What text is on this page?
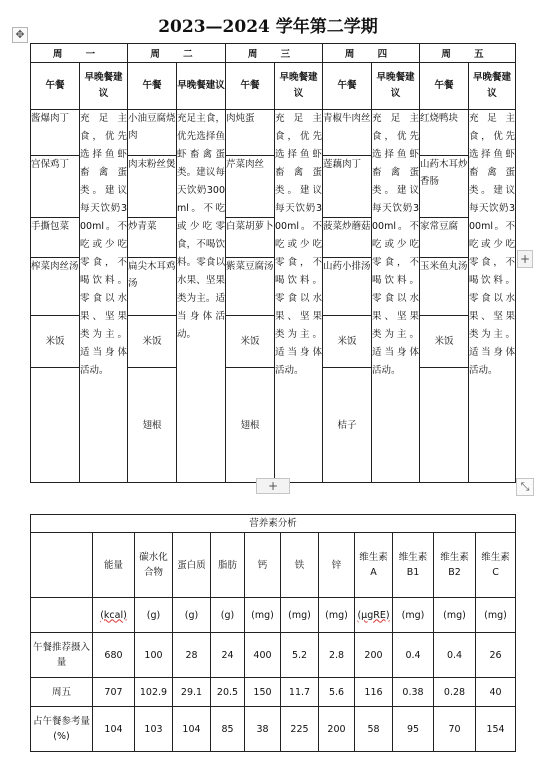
2023—2024 学年第二学期
✥
周 一		周 二		周 三		周 四		周 五	
午餐	早晚餐建议	午餐	早晚餐建议	午餐	早晚餐建议	午餐	早晚餐建议	午餐	早晚餐建议
酱爆肉丁	充足主食，优先选择鱼虾畜禽蛋类。建议每天饮奶300ml。不吃或少吃零食，不喝饮料。零食以水果、坚果类为主。适当身体活动。	小油豆腐烧肉	充足主食，优先选择鱼虾畜禽蛋类。建议每天饮奶300ml。不吃或少吃零食，不喝饮料。零食以水果、坚果类为主。适当身体活动。	肉炖蛋	充足主食，优先选择鱼虾畜禽蛋类。建议每天饮奶300ml。不吃或少吃零食，不喝饮料。零食以水果、坚果类为主。适当身体活动。	青椒牛肉丝	充足主食，优先选择鱼虾畜禽蛋类。建议每天饮奶300ml。不吃或少吃零食，不喝饮料。零食以水果、坚果类为主。适当身体活动。	红烧鸭块	充足主食，优先选择鱼虾畜禽蛋类。建议每天饮奶300ml。不吃或少吃零食，不喝饮料。零食以水果、坚果类为主。适当身体活动。
宫保鸡丁		肉末粉丝煲		芹菜肉丝		莲藕肉丁		山药木耳炒香肠	
手撕包菜		炒青菜		白菜胡萝卜		菠菜炒蘑菇		家常豆腐	
榨菜肉丝汤		扁尖木耳鸡汤		紫菜豆腐汤		山药小排汤		玉米鱼丸汤	
米饭		米饭		米饭		米饭		米饭	
		翅根		翅根		桔子			
+
+	⤡
营养素分析											
	能量	碳水化合物	蛋白质	脂肪	钙	铁	锌	维生素A	维生素B1	维生素B2	维生素C
	(kcal)	(g)	(g)	(g)	(mg)	(mg)	(mg)	(μgRE)	(mg)	(mg)	(mg)
午餐推荐摄入量	680	100	28	24	400	5.2	2.8	200	0.4	0.4	26
周五	707	102.9	29.1	20.5	150	11.7	5.6	116	0.38	0.28	40
占午餐参考量(%)	104	103	104	85	38	225	200	58	95	70	154
